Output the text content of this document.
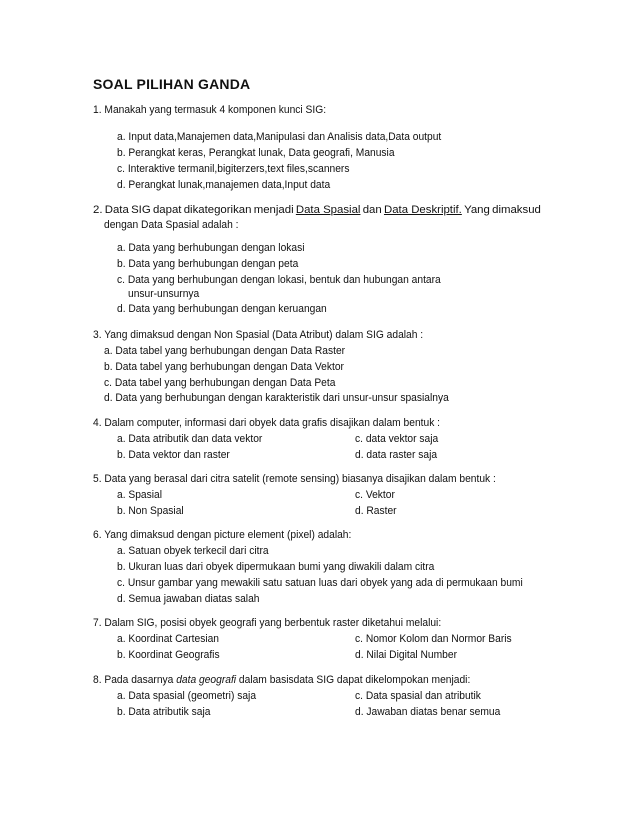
SOAL PILIHAN GANDA
1. Manakah yang termasuk 4 komponen kunci SIG:
a. Input data,Manajemen data,Manipulasi dan Analisis data,Data output
b. Perangkat keras, Perangkat lunak, Data geografi, Manusia
c. Interaktive termanil,bigiterzers,text files,scanners
d. Perangkat lunak,manajemen data,Input data
2. Data SIG dapat dikategorikan menjadi Data Spasial dan Data Deskriptif. Yang dimaksud
dengan Data Spasial adalah :
a. Data yang berhubungan dengan lokasi
b. Data yang berhubungan dengan peta
c. Data yang berhubungan dengan lokasi, bentuk dan hubungan antara
unsur-unsurnya
d. Data yang berhubungan dengan keruangan
3. Yang dimaksud dengan Non Spasial (Data Atribut) dalam SIG adalah :
a. Data tabel yang berhubungan dengan Data Raster
b. Data tabel yang berhubungan dengan Data Vektor
c. Data tabel yang berhubungan dengan Data Peta
d. Data yang berhubungan dengan karakteristik dari unsur-unsur spasialnya
4. Dalam computer, informasi dari obyek data grafis disajikan dalam bentuk :
a. Data atributik dan data vektor
b. Data vektor dan raster
c. data vektor saja
d. data raster saja
5. Data yang berasal dari citra satelit (remote sensing) biasanya disajikan dalam bentuk :
a. Spasial
b. Non Spasial
c. Vektor
d. Raster
6. Yang dimaksud dengan picture element (pixel) adalah:
a. Satuan obyek terkecil dari citra
b. Ukuran luas dari obyek dipermukaan bumi yang diwakili dalam citra
c. Unsur gambar yang mewakili satu satuan luas dari obyek yang ada di permukaan bumi
d. Semua jawaban diatas salah
7. Dalam SIG, posisi obyek geografi yang berbentuk raster diketahui melalui:
a. Koordinat Cartesian
b. Koordinat Geografis
c. Nomor Kolom dan Normor Baris
d. Nilai Digital Number
8. Pada dasarnya data geografi dalam basisdata SIG dapat dikelompokan menjadi:
a. Data spasial (geometri) saja
b. Data atributik saja
c. Data spasial dan atributik
d. Jawaban diatas benar semua
